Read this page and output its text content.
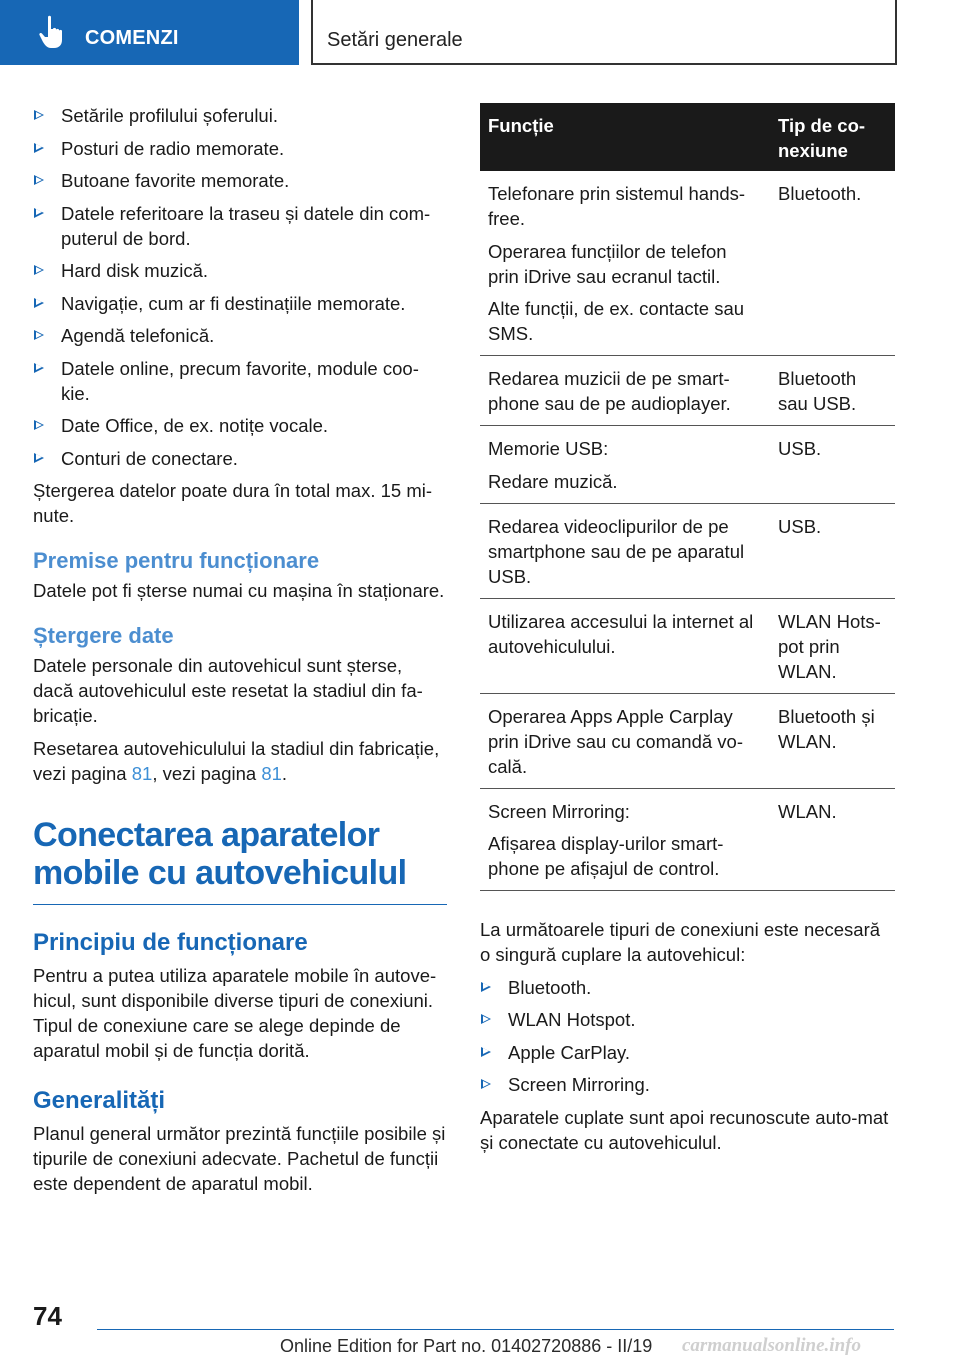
COMENZI	Setări generale
Setările profilului șoferului.
Posturi de radio memorate.
Butoane favorite memorate.
Datele referitoare la traseu și datele din com-puterul de bord.
Hard disk muzică.
Navigație, cum ar fi destinațiile memorate.
Agendă telefonică.
Datele online, precum favorite, module coo-kie.
Date Office, de ex. notițe vocale.
Conturi de conectare.

Ștergerea datelor poate dura în total max. 15 mi-nute.

Premise pentru funcționare

Datele pot fi șterse numai cu mașina în staționare.

Ștergere date

Datele personale din autovehicul sunt șterse, dacă autovehiculul este resetat la stadiul din fa-bricație.

Resetarea autovehiculului la stadiul din fabricație, vezi pagina 81, vezi pagina 81.

Conectarea aparatelor mobile cu autovehiculul
Principiu de funcționare

Pentru a putea utiliza aparatele mobile în autove-hicul, sunt disponibile diverse tipuri de conexiuni. Tipul de conexiune care se alege depinde de aparatul mobil și de funcția dorită.

Generalități

Planul general următor prezintă funcțiile posibile și tipurile de conexiuni adecvate. Pachetul de funcții este dependent de aparatul mobil.

Funcție	Tip de co-nexiune

Telefonare prin sistemul hands-free.

Operarea funcțiilor de telefon prin iDrive sau ecranul tactil.

Alte funcții, de ex. contacte sau SMS.	Bluetooth.

Redarea muzicii de pe smart-phone sau de pe audioplayer.	Bluetooth sau USB.

Memorie USB:

Redare muzică.	USB.

Redarea videoclipurilor de pe smartphone sau de pe aparatul USB.	USB.

Utilizarea accesului la internet al autovehiculului.	WLAN Hots-pot prin WLAN.

Operarea Apps Apple Carplay prin iDrive sau cu comandă vo-cală.	Bluetooth și WLAN.

Screen Mirroring:

Afișarea display-urilor smart-phone pe afișajul de control.	WLAN.

La următoarele tipuri de conexiuni este necesară o singură cuplare la autovehicul:

Bluetooth.
WLAN Hotspot.
Apple CarPlay.
Screen Mirroring.

Aparatele cuplate sunt apoi recunoscute auto-mat și conectate cu autovehiculul.

74
Online Edition for Part no. 01402720886 - II/19 carmanualsonline.info
